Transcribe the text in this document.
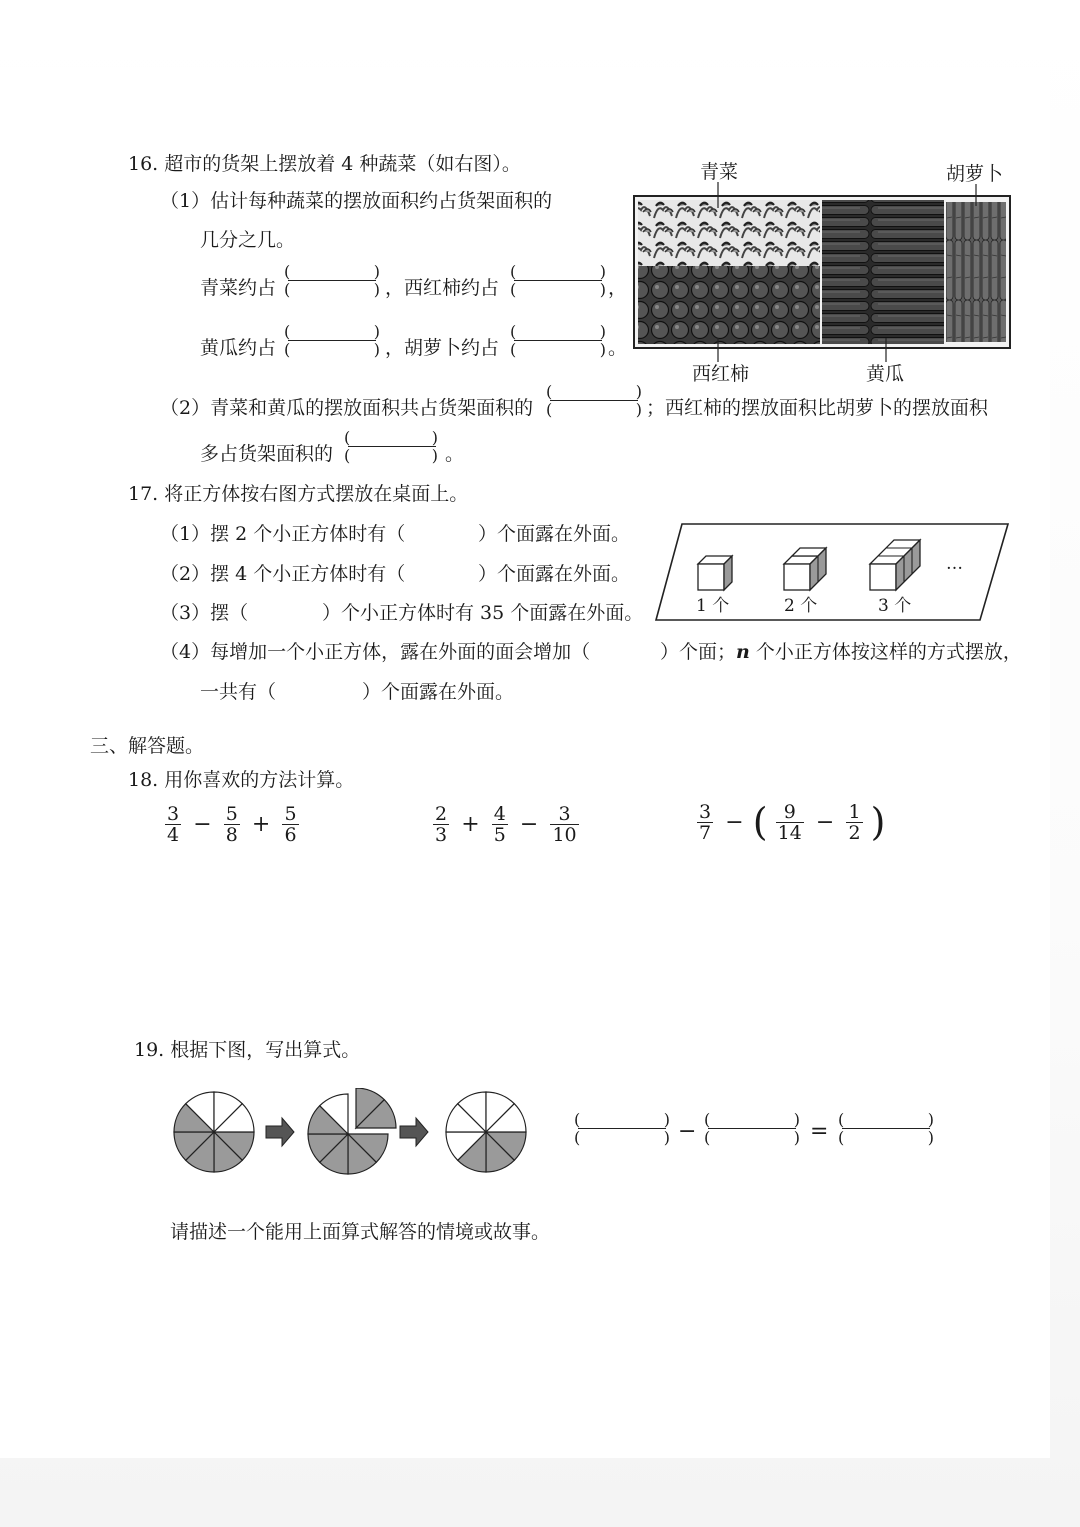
16. 超市的货架上摆放着 4 种蔬菜（如右图）。
（1）估计每种蔬菜的摆放面积约占货架面积的
几分之几。
青菜约占
(	)
(	) ，西红柿约占
(	)
(	) ，
黄瓜约占
(	)
(	) ，胡萝卜约占
(	)
(	) 。
（2）青菜和黄瓜的摆放面积共占货架面积的
(	)
(	) ；西红柿的摆放面积比胡萝卜的摆放面积
多占货架面积的
(	)
(	) 。
青菜	胡萝卜
西红柿	黄瓜
17. 将正方体按右图方式摆放在桌面上。
（1）摆 2 个小正方体时有（	）个面露在外面。
（2）摆 4 个小正方体时有（	）个面露在外面。
（3）摆（	）个小正方体时有 35 个面露在外面。
（4）每增加一个小正方体，露在外面的面会增加（	）个面；n 个小正方体按这样的方式摆放，
一共有（	）个面露在外面。
1 个	2 个	3 个
…
三、解答题。
18. 用你喜欢的方法计算。
$\frac{3}{4} - \frac{5}{8} + \frac{5}{6}$	$\frac{2}{3} + \frac{4}{5} - \frac{3}{10}$	$\frac{3}{7}$ − ( $\frac{9}{14} - \frac{1}{2}$ )
19. 根据下图，写出算式。
(	)
(	) − (	)
(	) = (	)
(	)
请描述一个能用上面算式解答的情境或故事。
